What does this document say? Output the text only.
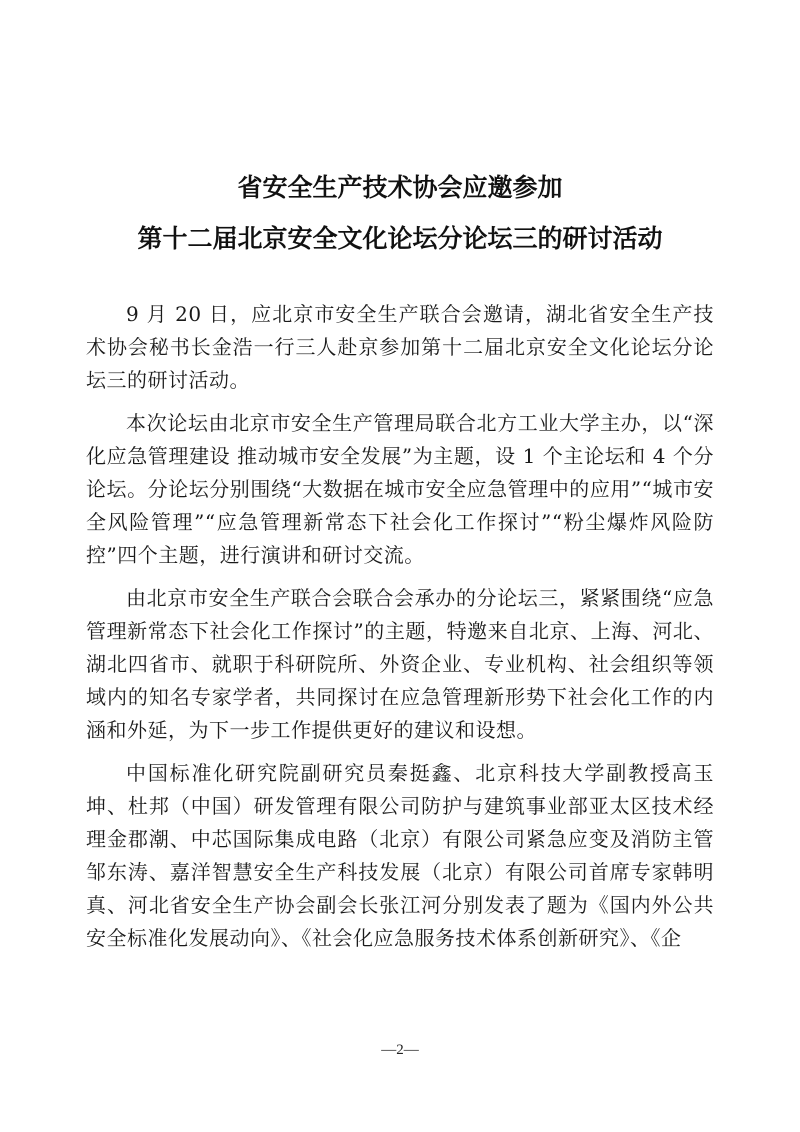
省安全生产技术协会应邀参加
第十二届北京安全文化论坛分论坛三的研讨活动

9 月 20 日，应北京市安全生产联合会邀请，湖北省安全生产技术协会秘书长金浩一行三人赴京参加第十二届北京安全文化论坛分论坛三的研讨活动。

本次论坛由北京市安全生产管理局联合北方工业大学主办，以“深化应急管理建设 推动城市安全发展”为主题，设 1 个主论坛和 4 个分论坛。分论坛分别围绕“大数据在城市安全应急管理中的应用”“城市安全风险管理”“应急管理新常态下社会化工作探讨”“粉尘爆炸风险防控”四个主题，进行演讲和研讨交流。

由北京市安全生产联合会联合会承办的分论坛三，紧紧围绕“应急管理新常态下社会化工作探讨”的主题，特邀来自北京、上海、河北、湖北四省市、就职于科研院所、外资企业、专业机构、社会组织等领域内的知名专家学者，共同探讨在应急管理新形势下社会化工作的内涵和外延，为下一步工作提供更好的建议和设想。

中国标准化研究院副研究员秦挺鑫、北京科技大学副教授高玉坤、杜邦（中国）研发管理有限公司防护与建筑事业部亚太区技术经理金郡潮、中芯国际集成电路（北京）有限公司紧急应变及消防主管邹东涛、嘉洋智慧安全生产科技发展（北京）有限公司首席专家韩明真、河北省安全生产协会副会长张江河分别发表了题为《国内外公共安全标准化发展动向》、《社会化应急服务技术体系创新研究》、《企

—2—
